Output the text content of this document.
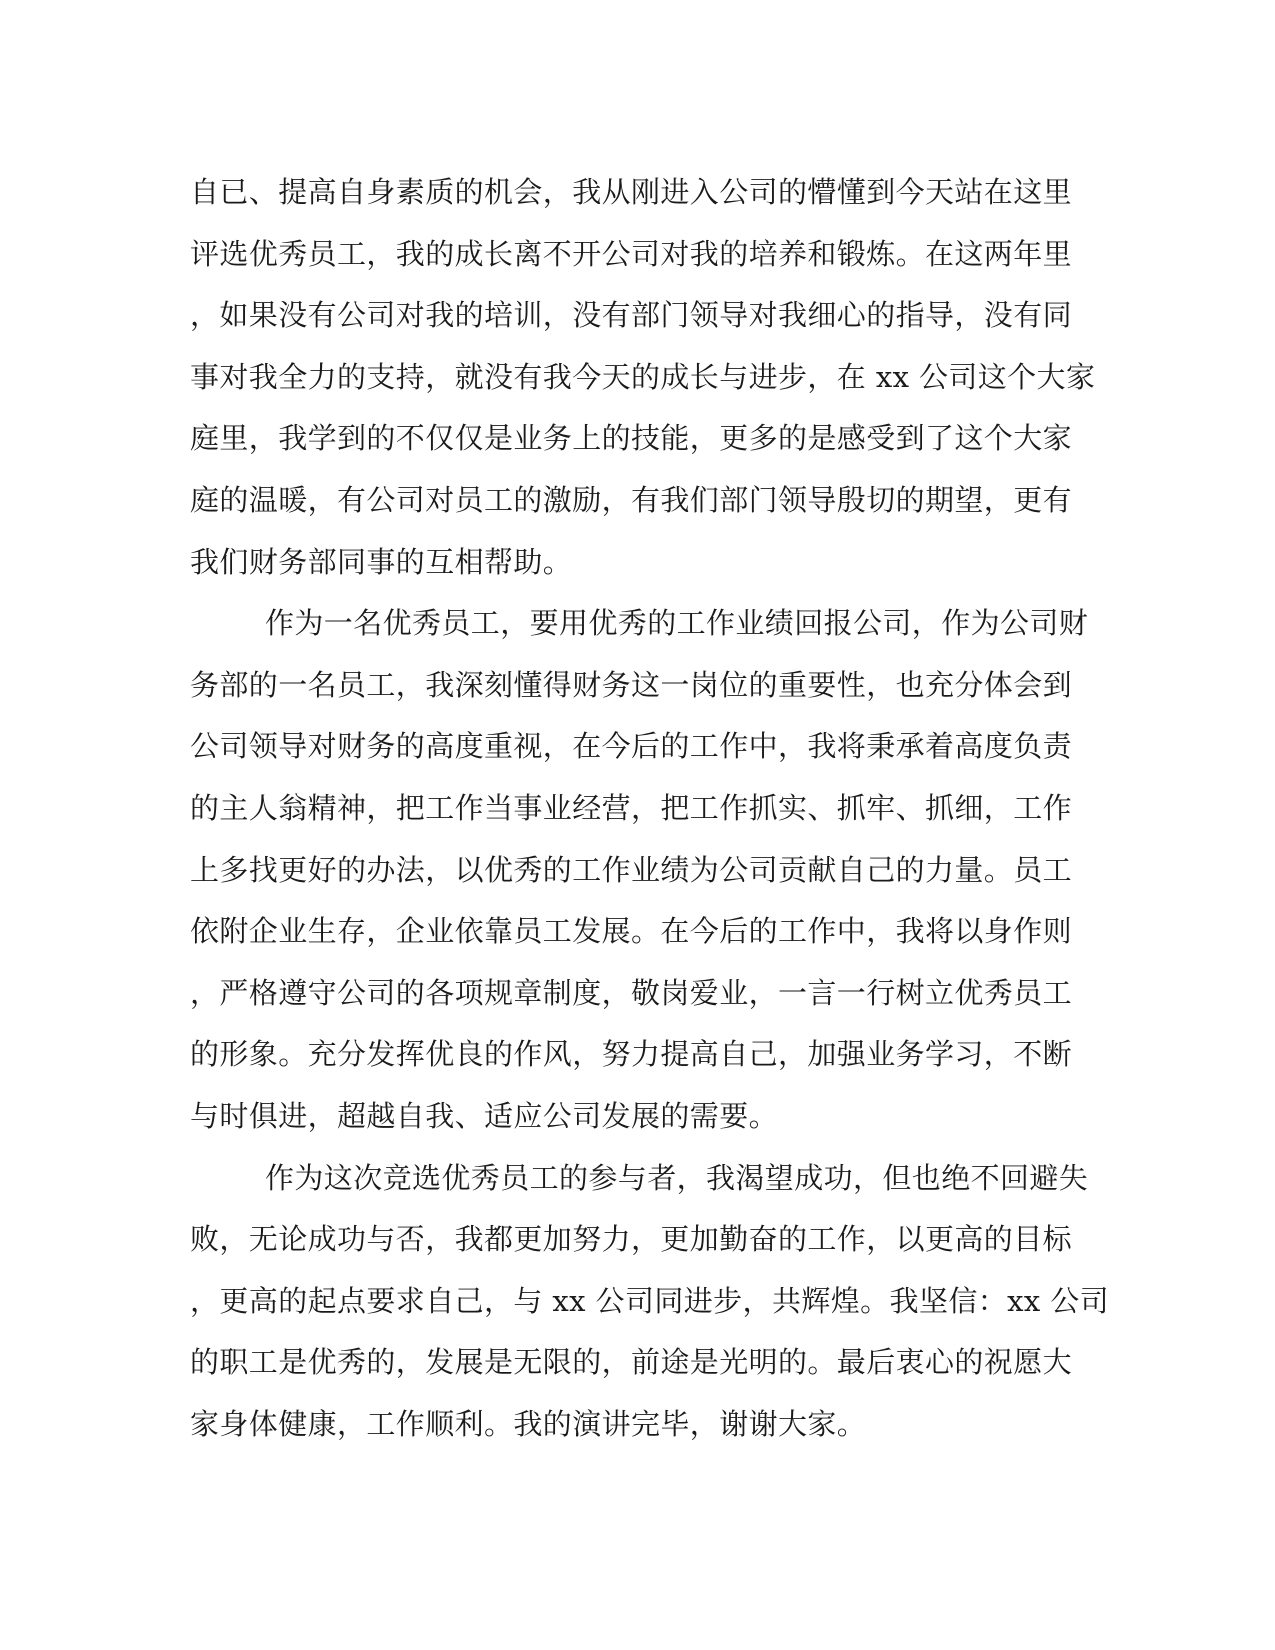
自已、提高自身素质的机会，我从刚进入公司的懵懂到今天站在这里
评选优秀员工，我的成长离不开公司对我的培养和锻炼。在这两年里
，如果没有公司对我的培训，没有部门领导对我细心的指导，没有同
事对我全力的支持，就没有我今天的成长与进步，在 xx 公司这个大家
庭里，我学到的不仅仅是业务上的技能，更多的是感受到了这个大家
庭的温暖，有公司对员工的激励，有我们部门领导殷切的期望，更有
我们财务部同事的互相帮助。
作为一名优秀员工，要用优秀的工作业绩回报公司，作为公司财
务部的一名员工，我深刻懂得财务这一岗位的重要性，也充分体会到
公司领导对财务的高度重视，在今后的工作中，我将秉承着高度负责
的主人翁精神，把工作当事业经营，把工作抓实、抓牢、抓细，工作
上多找更好的办法，以优秀的工作业绩为公司贡献自己的力量。员工
依附企业生存，企业依靠员工发展。在今后的工作中，我将以身作则
，严格遵守公司的各项规章制度，敬岗爱业，一言一行树立优秀员工
的形象。充分发挥优良的作风，努力提高自己，加强业务学习，不断
与时俱进，超越自我、适应公司发展的需要。
作为这次竞选优秀员工的参与者，我渴望成功，但也绝不回避失
败，无论成功与否，我都更加努力，更加勤奋的工作，以更高的目标
，更高的起点要求自己，与 xx 公司同进步，共辉煌。我坚信：xx 公司
的职工是优秀的，发展是无限的，前途是光明的。最后衷心的祝愿大
家身体健康，工作顺利。我的演讲完毕，谢谢大家。
